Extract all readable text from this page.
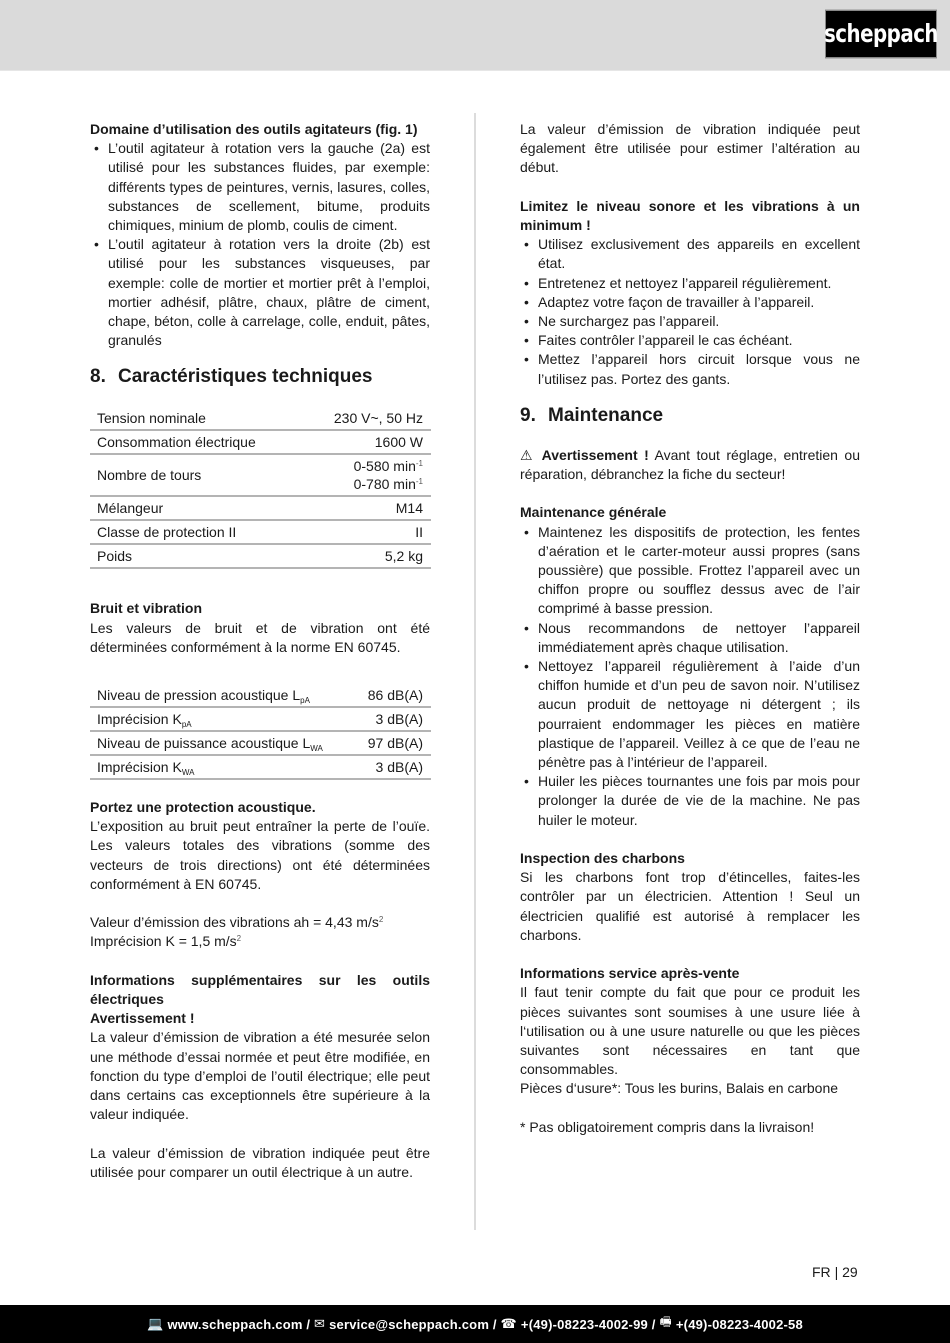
scheppach

Domaine d’utilisation des outils agitateurs (fig. 1)

• L’outil agitateur à rotation vers la gauche (2a) est utilisé pour les substances fluides, par exemple: différents types de peintures, vernis, lasures, colles, substances de scellement, bitume, produits chimiques, minium de plomb, coulis de ciment.
• L’outil agitateur à rotation vers la droite (2b) est utilisé pour les substances visqueuses, par exemple: colle de mortier et mortier prêt à l’emploi, mortier adhésif, plâtre, chaux, plâtre de ciment, chape, béton, colle à carrelage, colle, enduit, pâtes, granulés
8. Caractéristiques techniques
Tension nominale	230 V~, 50 Hz
Consommation électrique	1600 W
Nombre de tours	0-580 $\min^{-1}$
0-780 $\min^{-1}$

Mélangeur	M14
Classe de protection II	II
Poids	5,2 kg

Bruit et vibration

Les valeurs de bruit et de vibration ont été déterminées conformément à la norme EN 60745.

Niveau de pression acoustique $L_{pA}$	86 dB(A)
Imprécision $K_{pA}$	3 dB(A)
Niveau de puissance acoustique $L_{WA}$	97 dB(A)
Imprécision $K_{WA}$	3 dB(A)

Portez une protection acoustique.

L’exposition au bruit peut entraîner la perte de l’ouïe. Les valeurs totales des vibrations (somme des vecteurs de trois directions) ont été déterminées conformément à EN 60745.

Valeur d’émission des vibrations ah = 4,43 $m/s^2$

Imprécision K = 1,5 $m/s^2$

Informations supplémentaires sur les outils électriques

Avertissement !

La valeur d’émission de vibration a été mesurée selon une méthode d’essai normée et peut être modifiée, en fonction du type d’emploi de l’outil électrique; elle peut dans certains cas exceptionnels être supérieure à la valeur indiquée.

La valeur d’émission de vibration indiquée peut être utilisée pour comparer un outil électrique à un autre.

La valeur d’émission de vibration indiquée peut également être utilisée pour estimer l’altération au début.

Limitez le niveau sonore et les vibrations à un minimum !

• Utilisez exclusivement des appareils en excellent état.
• Entretenez et nettoyez l’appareil régulièrement.
• Adaptez votre façon de travailler à l’appareil.
• Ne surchargez pas l’appareil.
• Faites contrôler l’appareil le cas échéant.
• Mettez l’appareil hors circuit lorsque vous ne l’utilisez pas. Portez des gants.
9. Maintenance

⚠ Avertissement ! Avant tout réglage, entretien ou réparation, débranchez la fiche du secteur!

Maintenance générale

• Maintenez les dispositifs de protection, les fentes d’aération et le carter-moteur aussi propres (sans poussière) que possible. Frottez l’appareil avec un chiffon propre ou soufflez dessus avec de l’air comprimé à basse pression.
• Nous recommandons de nettoyer l’appareil immédiatement après chaque utilisation.
• Nettoyez l’appareil régulièrement à l’aide d’un chiffon humide et d’un peu de savon noir. N’utilisez aucun produit de nettoyage ni détergent ; ils pourraient endommager les pièces en matière plastique de l’appareil. Veillez à ce que de l’eau ne pénètre pas à l’intérieur de l’appareil.
• Huiler les pièces tournantes une fois par mois pour prolonger la durée de vie de la machine. Ne pas huiler le moteur.

Inspection des charbons

Si les charbons font trop d’étincelles, faites-les contrôler par un électricien. Attention ! Seul un électricien qualifié est autorisé à remplacer les charbons.

Informations service après-vente

Il faut tenir compte du fait que pour ce produit les pièces suivantes sont soumises à une usure liée à l‘utilisation ou à une usure naturelle ou que les pièces suivantes sont nécessaires en tant que consommables.

Pièces d‘usure*: Tous les burins, Balais en carbone

* Pas obligatoirement compris dans la livraison!

FR | 29
💻 www.scheppach.com / ✉ service@scheppach.com / ☎ +(49)-08223-4002-99 / 🖷 +(49)-08223-4002-58
